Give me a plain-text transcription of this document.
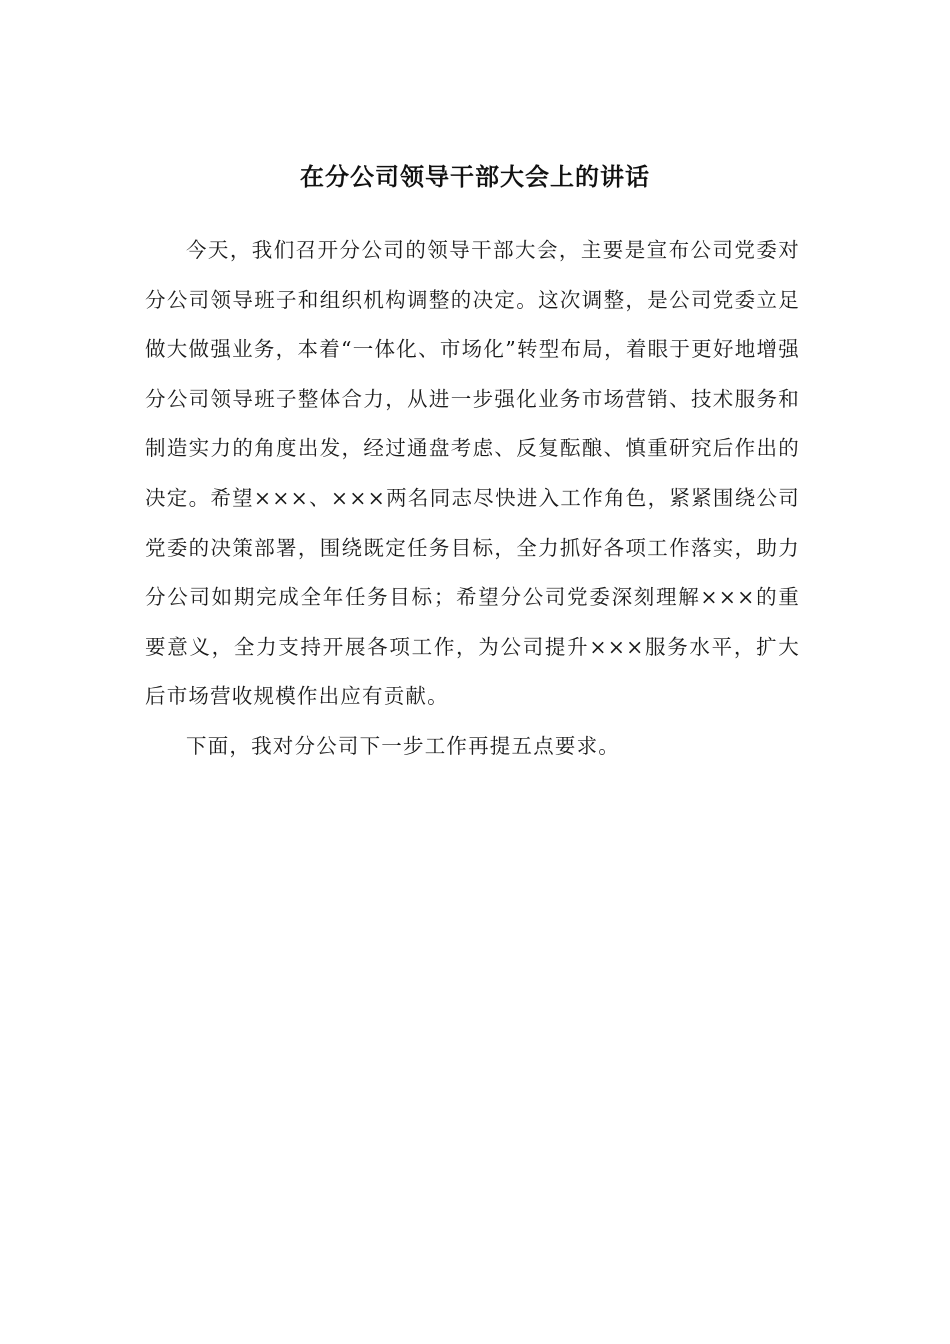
在分公司领导干部大会上的讲话

今天，我们召开分公司的领导干部大会，主要是宣布公司党委对分公司领导班子和组织机构调整的决定。这次调整，是公司党委立足做大做强业务，本着“一体化、市场化”转型布局，着眼于更好地增强分公司领导班子整体合力，从进一步强化业务市场营销、技术服务和制造实力的角度出发，经过通盘考虑、反复酝酿、慎重研究后作出的决定。希望×××、×××两名同志尽快进入工作角色，紧紧围绕公司党委的决策部署，围绕既定任务目标，全力抓好各项工作落实，助力分公司如期完成全年任务目标；希望分公司党委深刻理解×××的重要意义，全力支持开展各项工作，为公司提升×××服务水平，扩大后市场营收规模作出应有贡献。

下面，我对分公司下一步工作再提五点要求。
